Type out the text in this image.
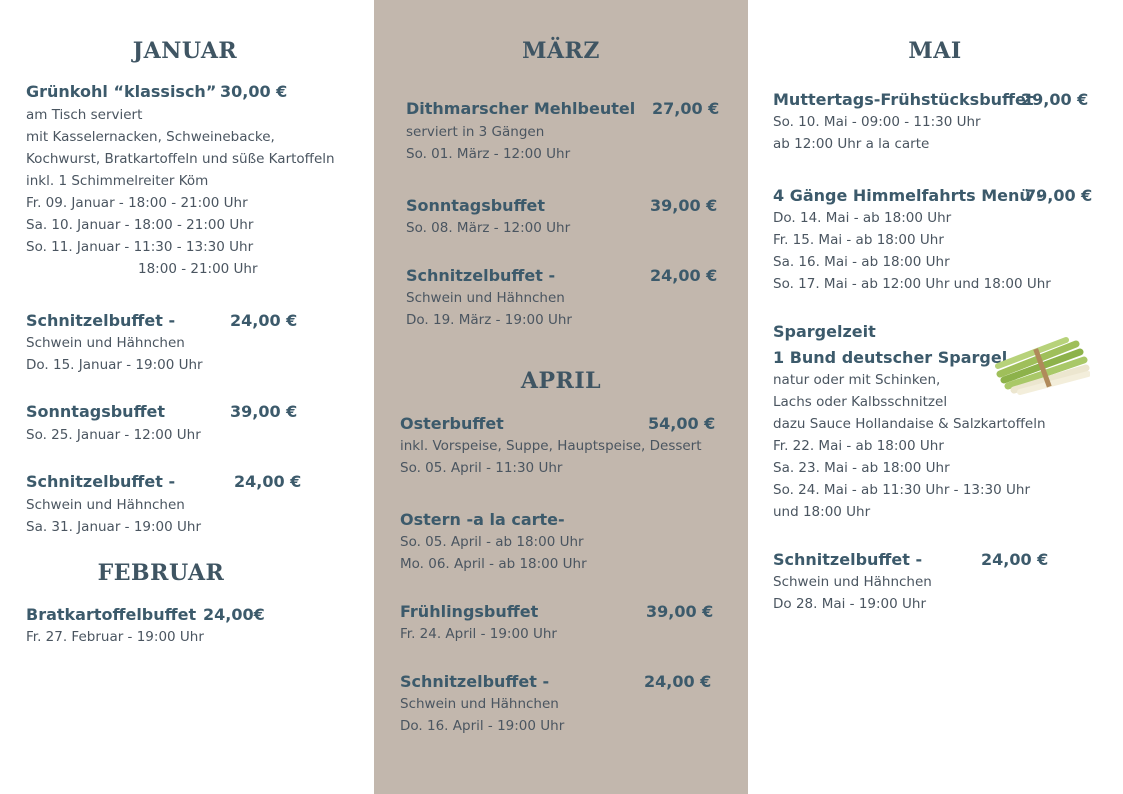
JANUAR
Grünkohl “klassisch” 30,00 €
am Tisch serviert
mit Kasselernacken, Schweinebacke,
Kochwurst, Bratkartoffeln und süße Kartoffeln
inkl. 1 Schimmelreiter Köm
Fr. 09. Januar - 18:00 - 21:00 Uhr
Sa. 10. Januar - 18:00 - 21:00 Uhr
So. 11. Januar - 11:30 - 13:30 Uhr
18:00 - 21:00 Uhr
Schnitzelbuffet -	24,00 €
Schwein und Hähnchen
Do. 15. Januar - 19:00 Uhr
Sonntagsbuffet	39,00 €
So. 25. Januar - 12:00 Uhr
Schnitzelbuffet -	24,00 €
Schwein und Hähnchen
Sa. 31. Januar - 19:00 Uhr
FEBRUAR
Bratkartoffelbuffet 24,00€
Fr. 27. Februar - 19:00 Uhr
MÄRZ
Dithmarscher Mehlbeutel 27,00 €
serviert in 3 Gängen
So. 01. März - 12:00 Uhr
Sonntagsbuffet	39,00 €
So. 08. März - 12:00 Uhr
Schnitzelbuffet -	24,00 €
Schwein und Hähnchen
Do. 19. März - 19:00 Uhr
APRIL
Osterbuffet	54,00 €
inkl. Vorspeise, Suppe, Hauptspeise, Dessert
So. 05. April - 11:30 Uhr
Ostern -a la carte-
So. 05. April - ab 18:00 Uhr
Mo. 06. April - ab 18:00 Uhr
Frühlingsbuffet	39,00 €
Fr. 24. April - 19:00 Uhr
Schnitzelbuffet -	24,00 €
Schwein und Hähnchen
Do. 16. April - 19:00 Uhr
MAI
Muttertags-Frühstücksbuffet
29,00 €
So. 10. Mai - 09:00 - 11:30 Uhr
ab 12:00 Uhr a la carte
4 Gänge Himmelfahrts Menü -
79,00 €
Do. 14. Mai - ab 18:00 Uhr
Fr. 15. Mai - ab 18:00 Uhr
Sa. 16. Mai - ab 18:00 Uhr
So. 17. Mai - ab 12:00 Uhr und 18:00 Uhr
Spargelzeit
1 Bund deutscher Spargel
natur oder mit Schinken,
Lachs oder Kalbsschnitzel
dazu Sauce Hollandaise & Salzkartoffeln
Fr. 22. Mai - ab 18:00 Uhr
Sa. 23. Mai - ab 18:00 Uhr
So. 24. Mai - ab 11:30 Uhr - 13:30 Uhr
und 18:00 Uhr
Schnitzelbuffet -	24,00 €
Schwein und Hähnchen
Do 28. Mai - 19:00 Uhr
